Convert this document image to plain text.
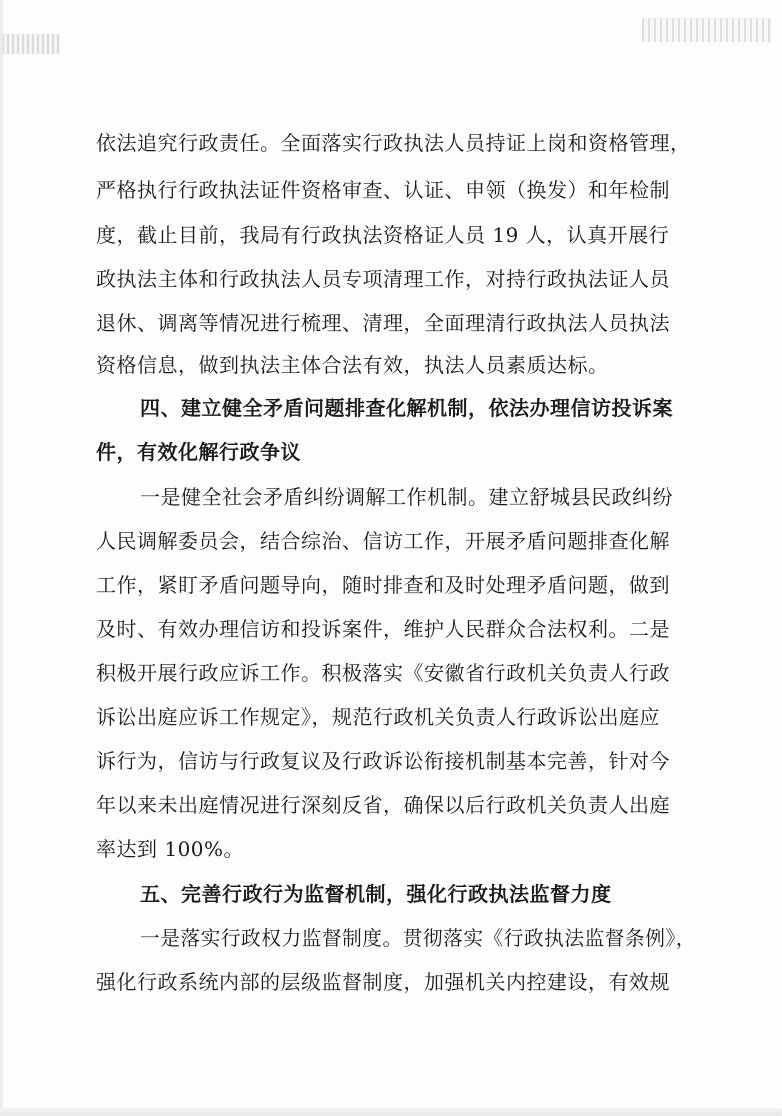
依法追究行政责任。全面落实行政执法人员持证上岗和资格管理，
严格执行行政执法证件资格审查、认证、申领（换发）和年检制
度，截止目前，我局有行政执法资格证人员 19 人，认真开展行
政执法主体和行政执法人员专项清理工作，对持行政执法证人员
退休、调离等情况进行梳理、清理，全面理清行政执法人员执法
资格信息，做到执法主体合法有效，执法人员素质达标。
四、建立健全矛盾问题排查化解机制，依法办理信访投诉案
件，有效化解行政争议
一是健全社会矛盾纠纷调解工作机制。建立舒城县民政纠纷
人民调解委员会，结合综治、信访工作，开展矛盾问题排查化解
工作，紧盯矛盾问题导向，随时排查和及时处理矛盾问题，做到
及时、有效办理信访和投诉案件，维护人民群众合法权利。二是
积极开展行政应诉工作。积极落实《安徽省行政机关负责人行政
诉讼出庭应诉工作规定》，规范行政机关负责人行政诉讼出庭应
诉行为，信访与行政复议及行政诉讼衔接机制基本完善，针对今
年以来未出庭情况进行深刻反省，确保以后行政机关负责人出庭
率达到 100%。
五、完善行政行为监督机制，强化行政执法监督力度
一是落实行政权力监督制度。贯彻落实《行政执法监督条例》，
强化行政系统内部的层级监督制度，加强机关内控建设，有效规
